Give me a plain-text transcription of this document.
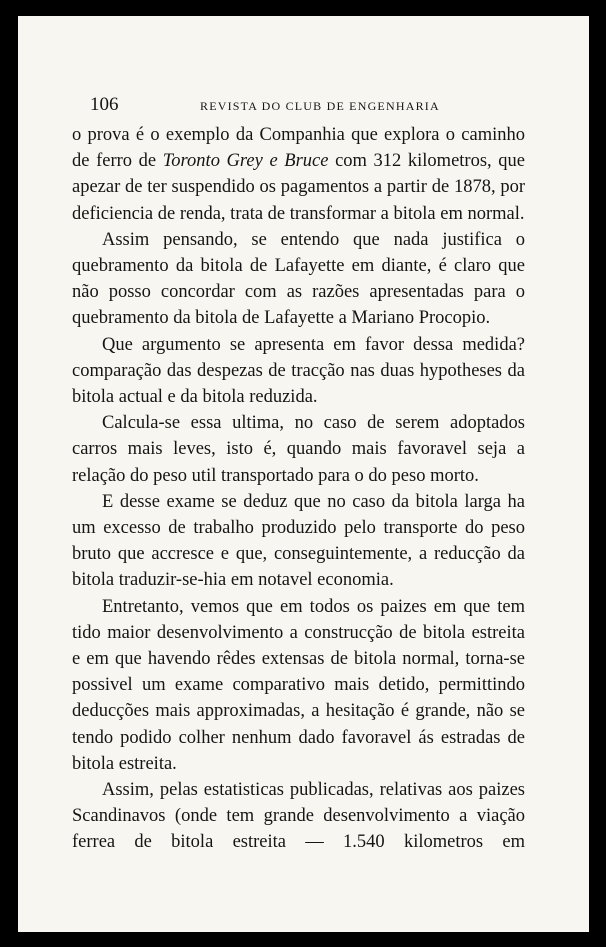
106	REVISTA DO CLUB DE ENGENHARIA

o prova é o exemplo da Companhia que explora o caminho de ferro de Toronto Grey e Bruce com 312 kilometros, que apezar de ter suspendido os pagamentos a partir de 1878, por deficiencia de renda, trata de transformar a bitola em normal.

Assim pensando, se entendo que nada justifica o quebramento da bitola de Lafayette em diante, é claro que não posso concordar com as razões apresentadas para o quebramento da bitola de Lafayette a Mariano Procopio.

Que argumento se apresenta em favor dessa medida? comparação das despezas de tracção nas duas hypotheses da bitola actual e da bitola reduzida.

Calcula-se essa ultima, no caso de serem adoptados carros mais leves, isto é, quando mais favoravel seja a relação do peso util transportado para o do peso morto.

E desse exame se deduz que no caso da bitola larga ha um excesso de trabalho produzido pelo transporte do peso bruto que accresce e que, conseguintemente, a reducção da bitola traduzir-se-hia em notavel economia.

Entretanto, vemos que em todos os paizes em que tem tido maior desenvolvimento a construcção de bitola estreita e em que havendo rêdes extensas de bitola normal, torna-se possivel um exame comparativo mais detido, permittindo deducções mais approximadas, a hesitação é grande, não se tendo podido colher nenhum dado favoravel ás estradas de bitola estreita.

Assim, pelas estatisticas publicadas, relativas aos paizes Scandinavos (onde tem grande desenvolvimento a viação ferrea de bitola estreita — 1.540 kilometros em
